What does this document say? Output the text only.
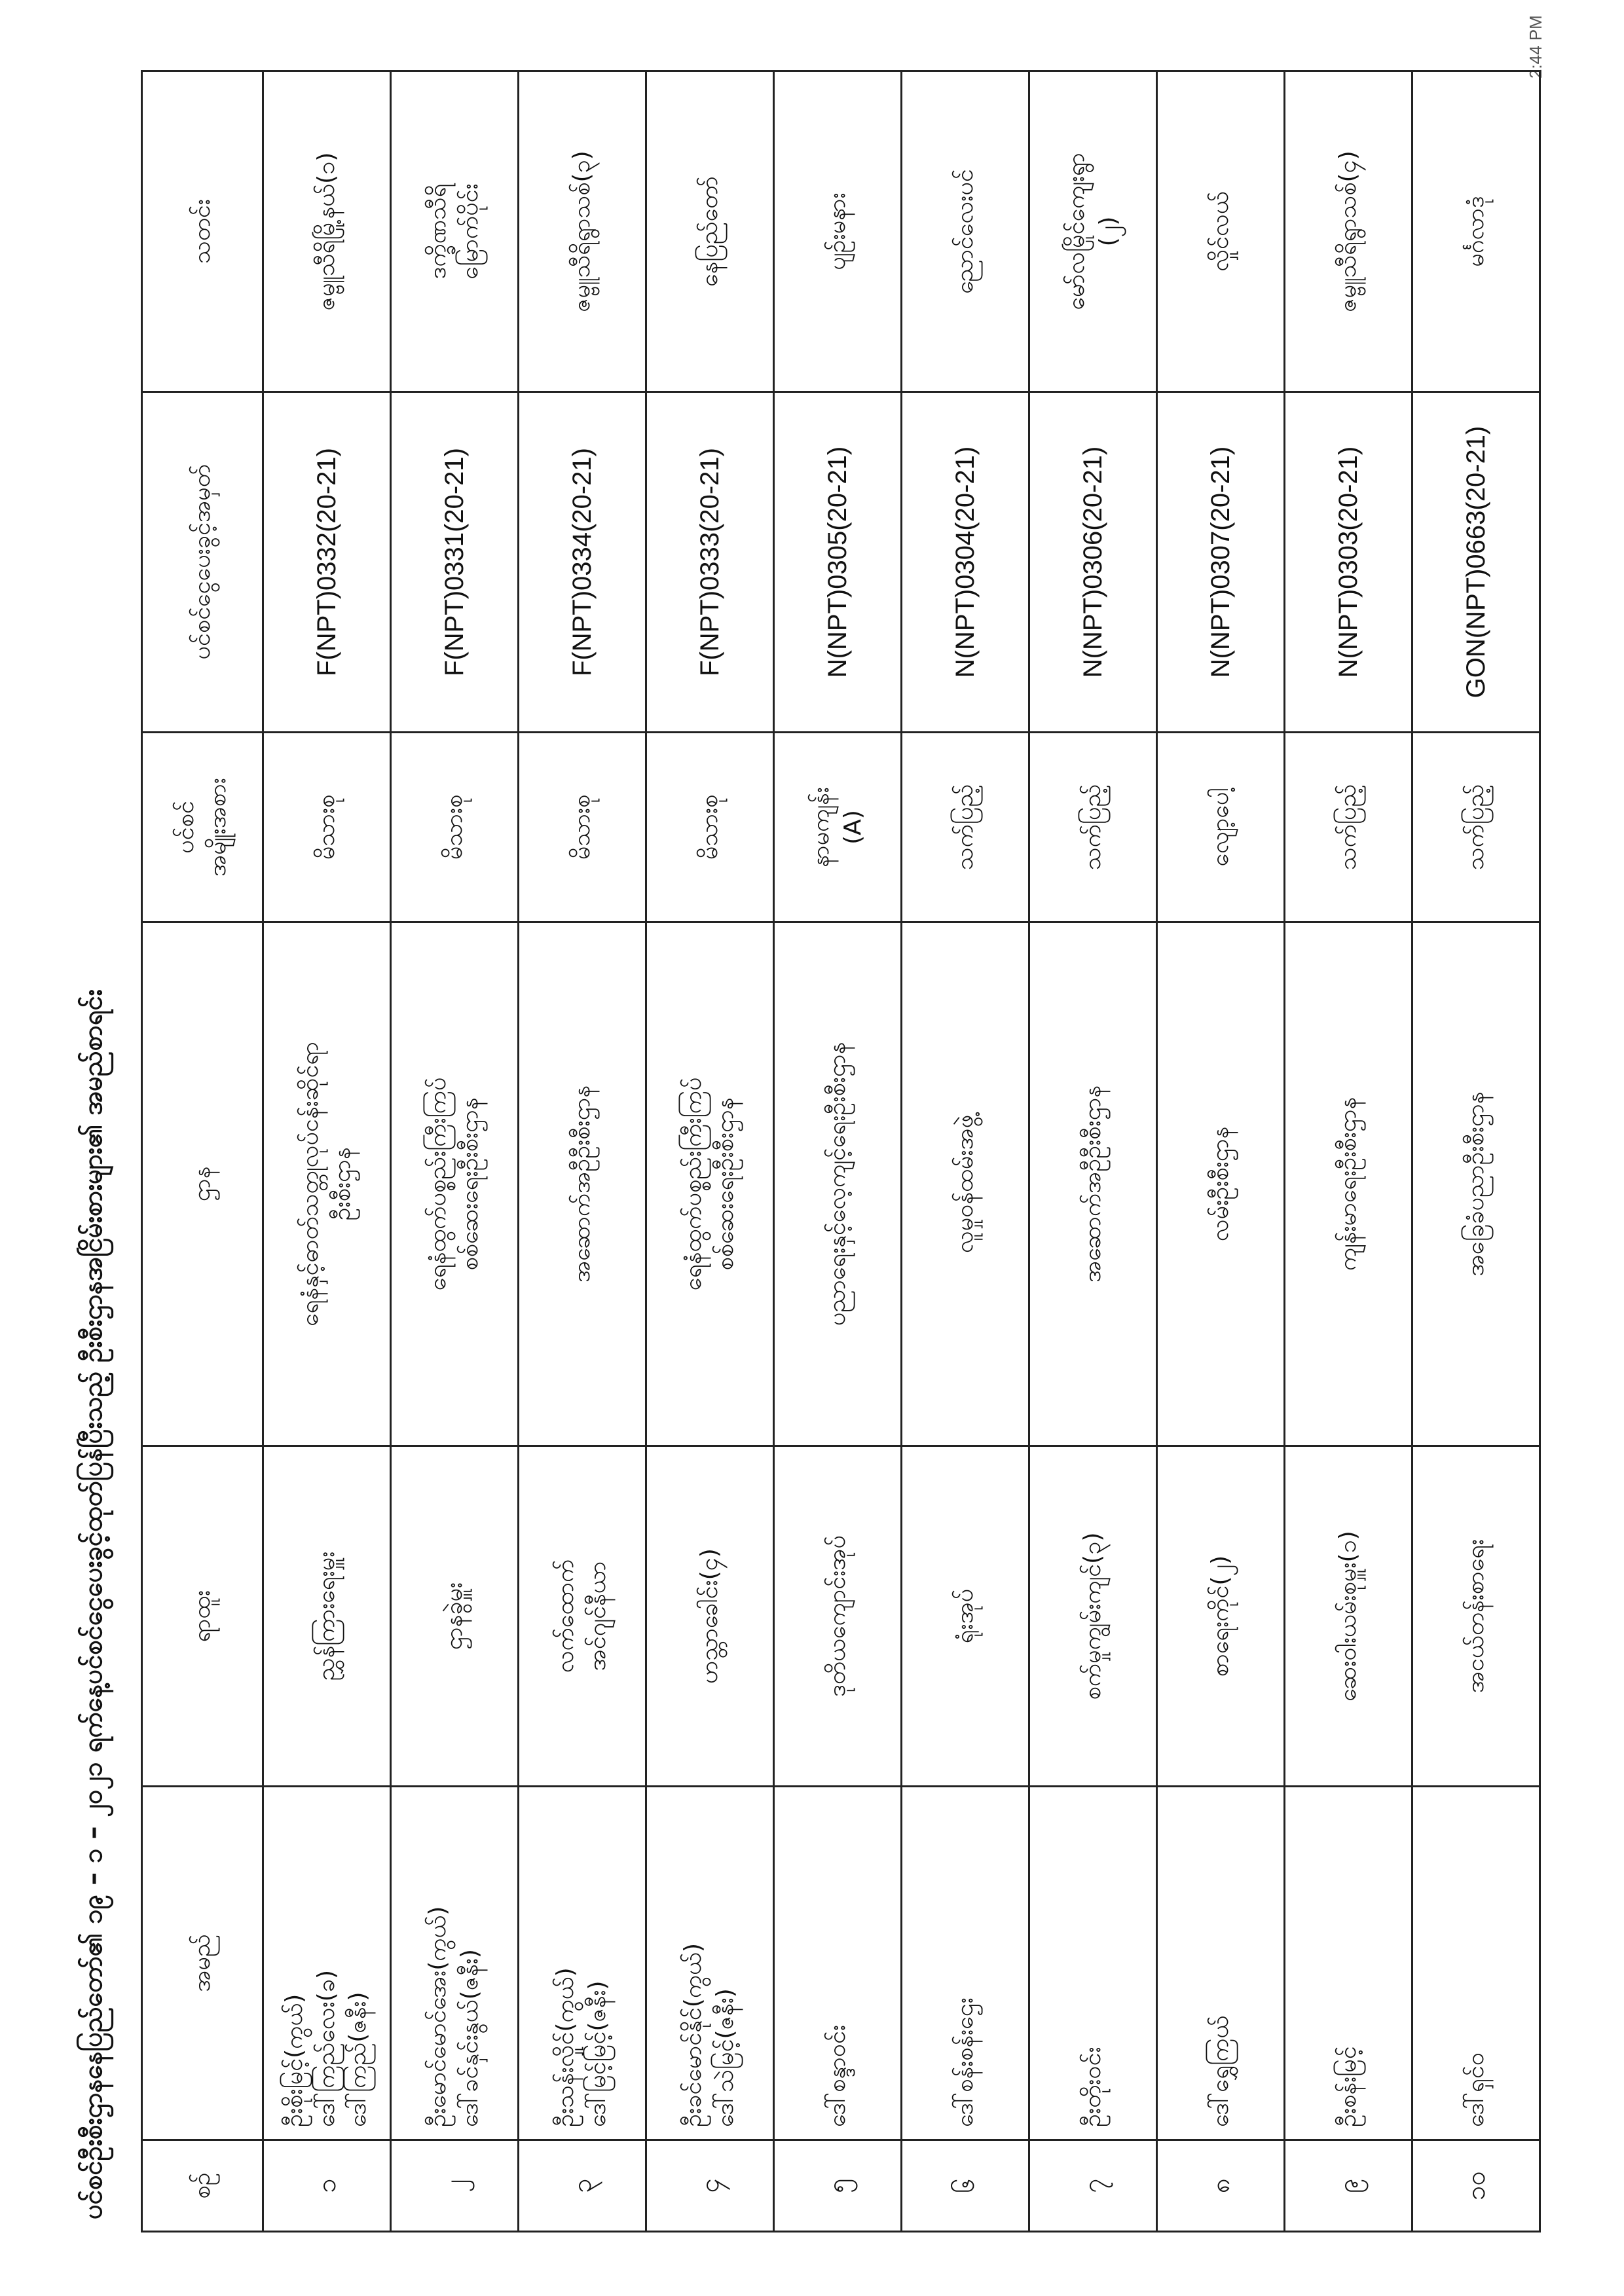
2:44 PM
ပင်စင်ဦးစီးဌာနနေပြည်တော်၏ ၁၉ – ၁ – ၂၀၂၁ ရက်နေ့ပင်စင်ငွေပေးခွင့်ထုတ်ပြန်ပြီးသည့် ဦးစီးဌာနအငြိမ်းစားများ၏ အမည်စာရင်း	စဥ်	အမည်	ရာထူး	ဌာန	ပင်စင် အမျိုးအစား	ပင်စင်ငွေပေးခွင့်အမှတ်	သတင်း
၁	ဦးစိုးမြင့်(ကွယ်) ဒေါ်ကြည်လေး(ခ) ဒေါ်ကြည်(ဇနီး)	ညွှန်ကြားရေးမှူး	ရေနံနှင့်ဓာတ်သတ္တုလုပ်ငန်းဆိုင်ရာ ဦးစီးဌာန	မိသားစု	F(NPT)0332(20-21)	ဇမ္ဗူသီရိမြို့နယ်(၁)

၂	ဦးမောင်မောင်အေး(ကွယ်) ဒေါ်ခင်နှင်းနွယ်(ဇနီး)	ဌာနခွဲမှူး	ရေနံထွက်ပစ္စည်းကြီးကြပ် စစ်ဆေးရေးဦးစီးဌာန	မိသားစု	F(NPT)0331(20-21)	ဒက္ခိဏသီရိ မြောက်ပိုင်း

၃	ဦးသန်းလှိုင်(ကွယ်) ဒေါ်မြင့်မြင့်(ဇနီး)	လက်ထောက် အင်ဂျင်နီယာ	အဆောက်အဦဦးစီးဌာန	မိသားစု	F(NPT)0334(20-21)	ဇမ္ဗူသီရိရွာသစ်(၃)

၄	ဦးခင်မောင်နိုင်(ကွယ်) ဒေါ်သဲမြင့်(ဇနီး)	ဟသ္တာခေါင်း(၄)	ရေနံထွက်ပစ္စည်းကြီးကြပ် စစ်ဆေးရေးဦးစီးဌာန	မိသားစု	F(NPT)0333(20-21)	နေပြည်တော်

၅	ဒေါ်စန္ဒာဝင်း	ဒုတိယကျောင်းအုပ်	ပညာရေးနှင့်လေ့ကျင့်ရေးဦးစီးဌာန	နာမကျန်း (A)	N(NPT)0305(20-21)	ပျဥ်းမနား

၆	ဒေါ်စန်းစန်းဌေး	ရုံးအုပ်	လူမှုဝန်ထမ်းအဖွဲ့	သက်ပြည့်	N(NPT)0304(20-21)	ညောင်လေးပင်

၇	ဦးတိုးဝင်း	စက်မှုကျွမ်းကျင်(၃)	အဆောက်အဦဦးစီးဌာန	သက်ပြည့်	N(NPT)0306(20-21)	မော်လမြိုင်ကျေးရွာ (၂)

၈	ဒေါ်ရွှေကြယ်	စာရေးကိုင်(၂)	လမ်းဦးစီးဌာန	လျော့ပေါ့	N(NPT)0307(20-21)	လှိုင်လယ်

၉	ဦးစန်းမြင့်	ဆေးဝါးယမ်းစုမှူး(၁)	ကျန်းမာရေးဦးစီးဌာန	သက်ပြည့်	N(NPT)0303(20-21)	ဇမ္ဗူသီရိရွာသစ်(၄)

၁၀	ဒေါ်ရှင်ဝ	အငယ်တန်းစာရေး	အခြေခံပညာဦးစီးဌာန	သက်ပြည့်	GON(NPT)0663(20-21)	မင်္ဂလာဒုံ
